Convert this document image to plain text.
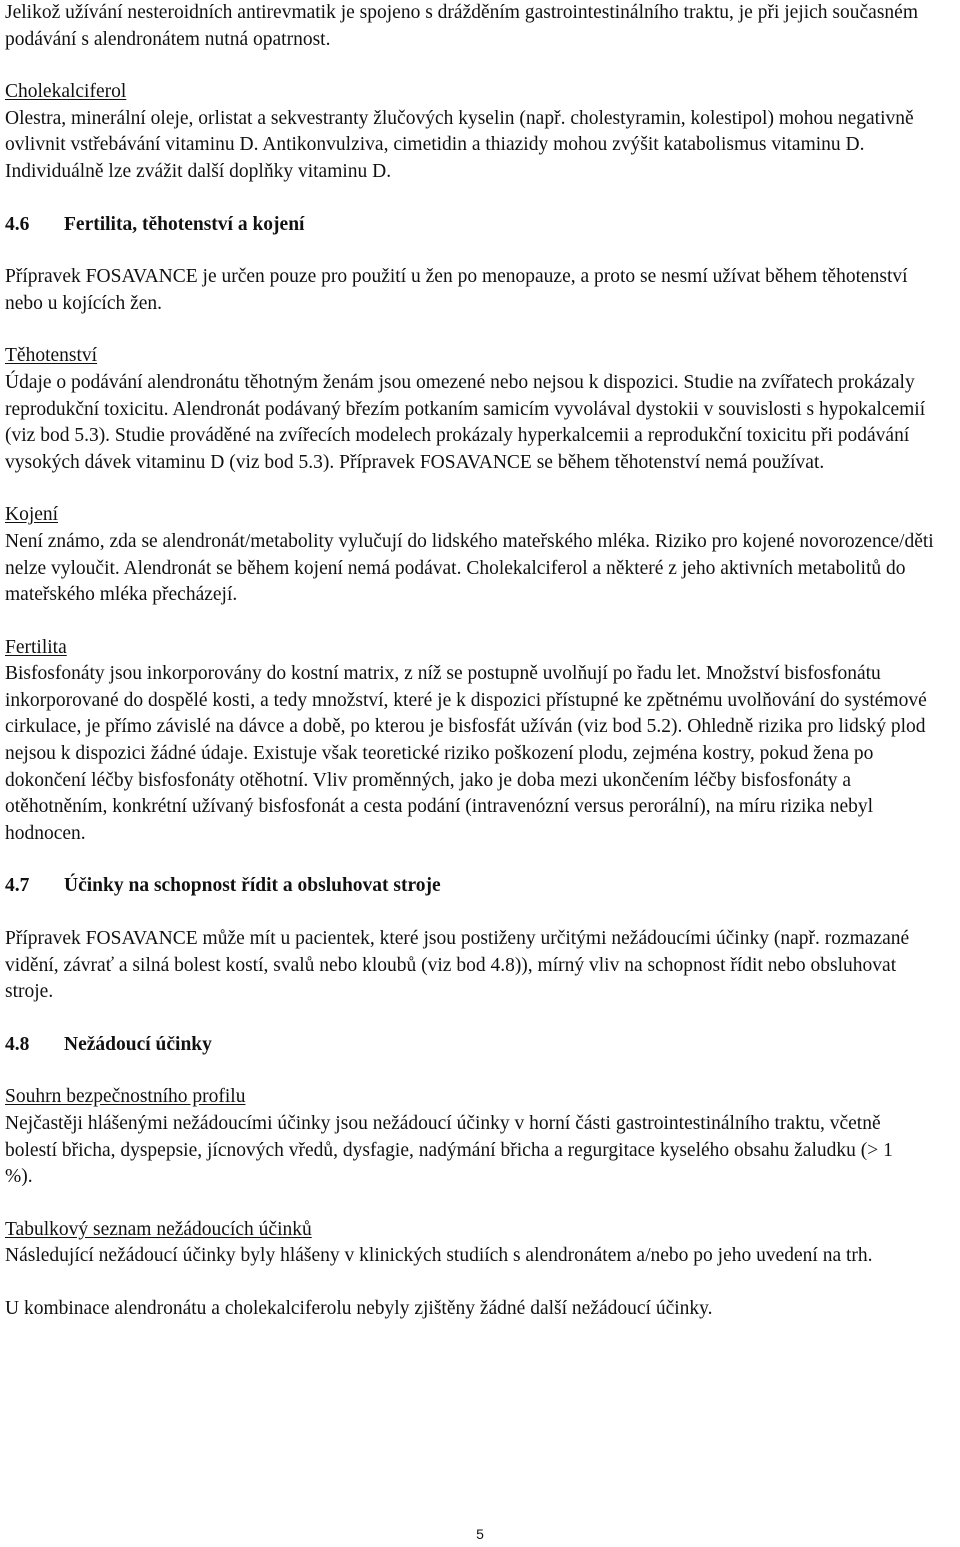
Jelikož užívání nesteroidních antirevmatik je spojeno s drážděním gastrointestinálního traktu, je při jejich současném podávání s alendronátem nutná opatrnost.

Cholekalciferol

Olestra, minerální oleje, orlistat a sekvestranty žlučových kyselin (např. cholestyramin, kolestipol) mohou negativně ovlivnit vstřebávání vitaminu D. Antikonvulziva, cimetidin a thiazidy mohou zvýšit katabolismus vitaminu D. Individuálně lze zvážit další doplňky vitaminu D.

4.6 Fertilita, těhotenství a kojení

Přípravek FOSAVANCE je určen pouze pro použití u žen po menopauze, a proto se nesmí užívat během těhotenství nebo u kojících žen.

Těhotenství

Údaje o podávání alendronátu těhotným ženám jsou omezené nebo nejsou k dispozici. Studie na zvířatech prokázaly reprodukční toxicitu. Alendronát podávaný březím potkaním samicím vyvolával dystokii v souvislosti s hypokalcemií (viz bod 5.3). Studie prováděné na zvířecích modelech prokázaly hyperkalcemii a reprodukční toxicitu při podávání vysokých dávek vitaminu D (viz bod 5.3). Přípravek FOSAVANCE se během těhotenství nemá používat.

Kojení

Není známo, zda se alendronát/metabolity vylučují do lidského mateřského mléka. Riziko pro kojené novorozence/děti nelze vyloučit. Alendronát se během kojení nemá podávat. Cholekalciferol a některé z jeho aktivních metabolitů do mateřského mléka přecházejí.

Fertilita

Bisfosfonáty jsou inkorporovány do kostní matrix, z níž se postupně uvolňují po řadu let. Množství bisfosfonátu inkorporované do dospělé kosti, a tedy množství, které je k dispozici přístupné ke zpětnému uvolňování do systémové cirkulace, je přímo závislé na dávce a době, po kterou je bisfosfát užíván (viz bod 5.2). Ohledně rizika pro lidský plod nejsou k dispozici žádné údaje. Existuje však teoretické riziko poškození plodu, zejména kostry, pokud žena po dokončení léčby bisfosfonáty otěhotní. Vliv proměnných, jako je doba mezi ukončením léčby bisfosfonáty a otěhotněním, konkrétní užívaný bisfosfonát a cesta podání (intravenózní versus perorální), na míru rizika nebyl hodnocen.

4.7 Účinky na schopnost řídit a obsluhovat stroje

Přípravek FOSAVANCE může mít u pacientek, které jsou postiženy určitými nežádoucími účinky (např. rozmazané vidění, závrať a silná bolest kostí, svalů nebo kloubů (viz bod 4.8)), mírný vliv na schopnost řídit nebo obsluhovat stroje.

4.8 Nežádoucí účinky

Souhrn bezpečnostního profilu

Nejčastěji hlášenými nežádoucími účinky jsou nežádoucí účinky v horní části gastrointestinálního traktu, včetně bolestí břicha, dyspepsie, jícnových vředů, dysfagie, nadýmání břicha a regurgitace kyselého obsahu žaludku (> 1 %).

Tabulkový seznam nežádoucích účinků

Následující nežádoucí účinky byly hlášeny v klinických studiích s alendronátem a/nebo po jeho uvedení na trh.

U kombinace alendronátu a cholekalciferolu nebyly zjištěny žádné další nežádoucí účinky.

5
